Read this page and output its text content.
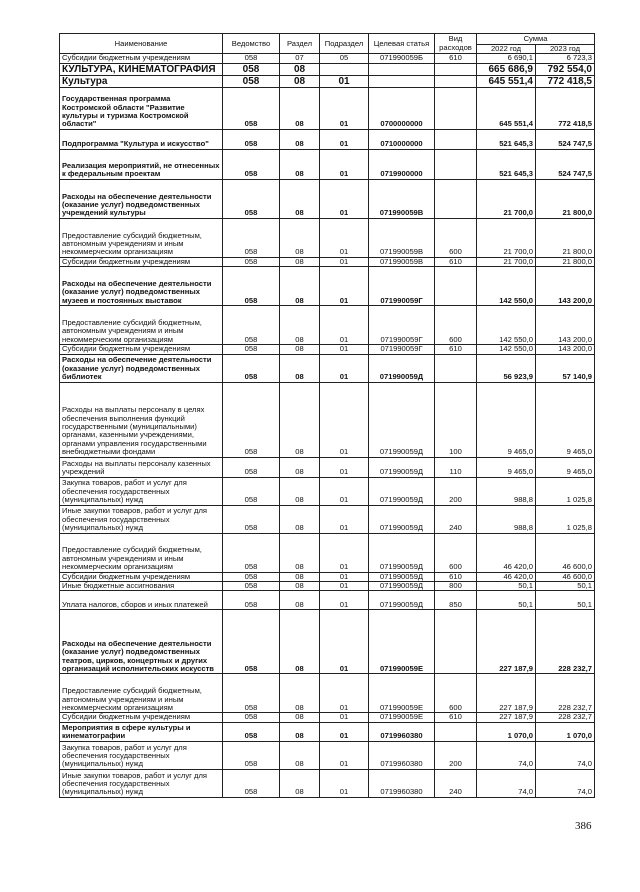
Наименование	Ведомство	Раздел	Подраздел	Целевая статья	Вид расходов	Сумма	
						2022 год	2023 год
Субсидии бюджетным учреждениям	058	07	05	071990059Б	610	6 690,1	6 723,3
КУЛЬТУРА, КИНЕМАТОГРАФИЯ	058	08				665 686,9	792 554,0
Культура	058	08	01			645 551,4	772 418,5
Государственная программа Костромской области "Развитие культуры и туризма Костромской области"	058	08	01	0700000000		645 551,4	772 418,5
Подпрограмма "Культура и искусство"	058	08	01	0710000000		521 645,3	524 747,5
Реализация мероприятий, не отнесенных к федеральным проектам	058	08	01	0719900000		521 645,3	524 747,5
Расходы на обеспечение деятельности (оказание услуг) подведомственных учреждений культуры	058	08	01	071990059В		21 700,0	21 800,0
Предоставление субсидий бюджетным, автономным учреждениям и иным некоммерческим организациям	058	08	01	071990059В	600	21 700,0	21 800,0
Субсидии бюджетным учреждениям	058	08	01	071990059В	610	21 700,0	21 800,0
Расходы на обеспечение деятельности (оказание услуг) подведомственных музеев и постоянных выставок	058	08	01	071990059Г		142 550,0	143 200,0
Предоставление субсидий бюджетным, автономным учреждениям и иным некоммерческим организациям	058	08	01	071990059Г	600	142 550,0	143 200,0
Субсидии бюджетным учреждениям	058	08	01	071990059Г	610	142 550,0	143 200,0
Расходы на обеспечение деятельности (оказание услуг) подведомственных библиотек	058	08	01	071990059Д		56 923,9	57 140,9
Расходы на выплаты персоналу в целях обеспечения выполнения функций государственными (муниципальными) органами, казенными учреждениями, органами управления государственными внебюджетными фондами	058	08	01	071990059Д	100	9 465,0	9 465,0
Расходы на выплаты персоналу казенных учреждений	058	08	01	071990059Д	110	9 465,0	9 465,0
Закупка товаров, работ и услуг для обеспечения государственных (муниципальных) нужд	058	08	01	071990059Д	200	988,8	1 025,8
Иные закупки товаров, работ и услуг для обеспечения государственных (муниципальных) нужд	058	08	01	071990059Д	240	988,8	1 025,8
Предоставление субсидий бюджетным, автономным учреждениям и иным некоммерческим организациям	058	08	01	071990059Д	600	46 420,0	46 600,0
Субсидии бюджетным учреждениям	058	08	01	071990059Д	610	46 420,0	46 600,0
Иные бюджетные ассигнования	058	08	01	071990059Д	800	50,1	50,1
Уплата налогов, сборов и иных платежей	058	08	01	071990059Д	850	50,1	50,1
Расходы на обеспечение деятельности (оказание услуг) подведомственных театров, цирков, концертных и других организаций исполнительских искусств	058	08	01	071990059Е		227 187,9	228 232,7
Предоставление субсидий бюджетным, автономным учреждениям и иным некоммерческим организациям	058	08	01	071990059Е	600	227 187,9	228 232,7
Субсидии бюджетным учреждениям	058	08	01	071990059Е	610	227 187,9	228 232,7
Мероприятия в сфере культуры и кинематографии	058	08	01	0719960380		1 070,0	1 070,0
Закупка товаров, работ и услуг для обеспечения государственных (муниципальных) нужд	058	08	01	0719960380	200	74,0	74,0
Иные закупки товаров, работ и услуг для обеспечения государственных (муниципальных) нужд	058	08	01	0719960380	240	74,0	74,0
386
